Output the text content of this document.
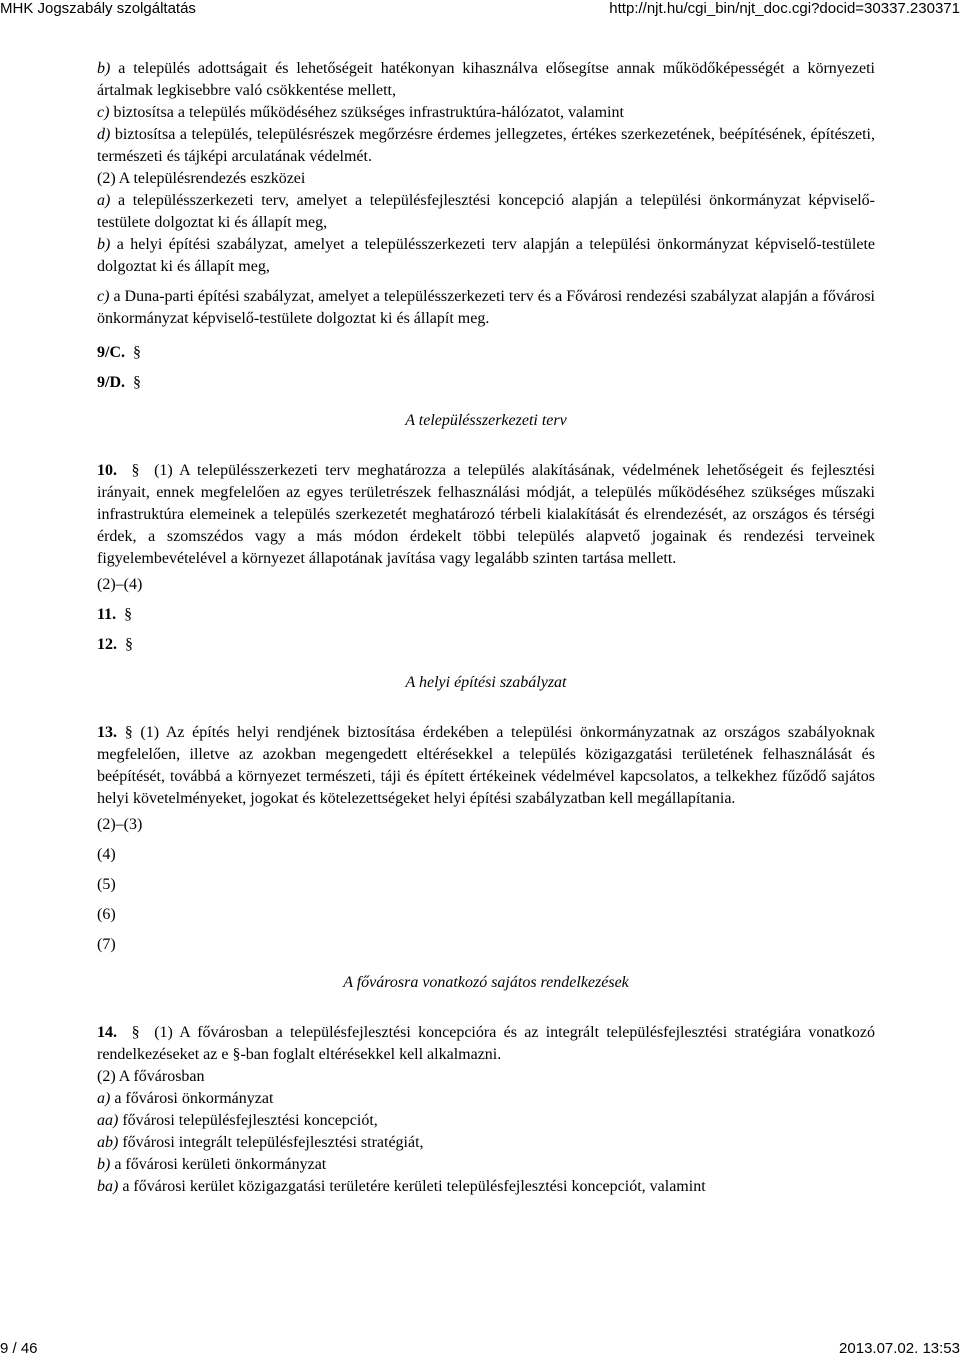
MHK Jogszabály szolgáltatás	http://njt.hu/cgi_bin/njt_doc.cgi?docid=30337.230371

b) a település adottságait és lehetőségeit hatékonyan kihasználva elősegítse annak működőképességét a környezeti ártalmak legkisebbre való csökkentése mellett,

c) biztosítsa a település működéséhez szükséges infrastruktúra-hálózatot, valamint

d) biztosítsa a település, településrészek megőrzésre érdemes jellegzetes, értékes szerkezetének, beépítésének, építészeti, természeti és tájképi arculatának védelmét.

(2) A településrendezés eszközei

a) a településszerkezeti terv, amelyet a településfejlesztési koncepció alapján a települési önkormányzat képviselő-testülete dolgoztat ki és állapít meg,

b) a helyi építési szabályzat, amelyet a településszerkezeti terv alapján a települési önkormányzat képviselő-testülete dolgoztat ki és állapít meg,

c) a Duna-parti építési szabályzat, amelyet a településszerkezeti terv és a Fővárosi rendezési szabályzat alapján a fővárosi önkormányzat képviselő-testülete dolgoztat ki és állapít meg.

9/C. §

9/D. §

A településszerkezeti terv

10. §  (1) A településszerkezeti terv meghatározza a település alakításának, védelmének lehetőségeit és fejlesztési irányait, ennek megfelelően az egyes területrészek felhasználási módját, a település működéséhez szükséges műszaki infrastruktúra elemeinek a település szerkezetét meghatározó térbeli kialakítását és elrendezését, az országos és térségi érdek, a szomszédos vagy a más módon érdekelt többi település alapvető jogainak és rendezési terveinek figyelembevételével a környezet állapotának javítása vagy legalább szinten tartása mellett.

(2)–(4)

11. §

12. §

A helyi építési szabályzat

13. § (1) Az építés helyi rendjének biztosítása érdekében a települési önkormányzatnak az országos szabályoknak megfelelően, illetve az azokban megengedett eltérésekkel a település közigazgatási területének felhasználását és beépítését, továbbá a környezet természeti, táji és épített értékeinek védelmével kapcsolatos, a telkekhez fűződő sajátos helyi követelményeket, jogokat és kötelezettségeket helyi építési szabályzatban kell megállapítania.

(2)–(3)

(4)

(5)

(6)

(7)

A fővárosra vonatkozó sajátos rendelkezések

14. §  (1) A fővárosban a településfejlesztési koncepcióra és az integrált településfejlesztési stratégiára vonatkozó rendelkezéseket az e §-ban foglalt eltérésekkel kell alkalmazni.

(2) A fővárosban

a) a fővárosi önkormányzat

aa) fővárosi településfejlesztési koncepciót,

ab) fővárosi integrált településfejlesztési stratégiát,

b) a fővárosi kerületi önkormányzat

ba) a fővárosi kerület közigazgatási területére kerületi településfejlesztési koncepciót, valamint

9 / 46	2013.07.02. 13:53
